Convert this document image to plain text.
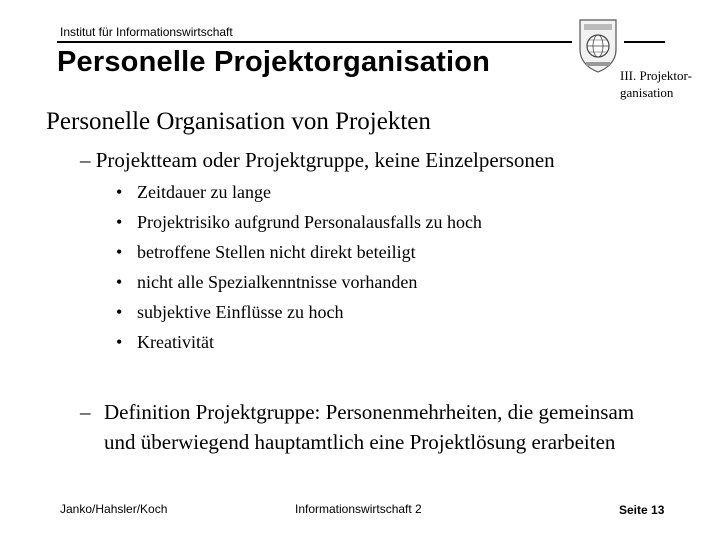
Institut für Informationswirtschaft
Personelle Projektorganisation	III. Projektor-
ganisation
Personelle Organisation von Projekten
– Projektteam oder Projektgruppe, keine Einzelpersonen
• Zeitdauer zu lange
• Projektrisiko aufgrund Personalausfalls zu hoch
• betroffene Stellen nicht direkt beteiligt
• nicht alle Spezialkenntnisse vorhanden
• subjektive Einflüsse zu hoch
• Kreativität
– Definition Projektgruppe: Personenmehrheiten, die gemeinsam und überwiegend hauptamtlich eine Projektlösung erarbeiten
Janko/Hahsler/Koch	Informationswirtschaft 2	Seite 13
